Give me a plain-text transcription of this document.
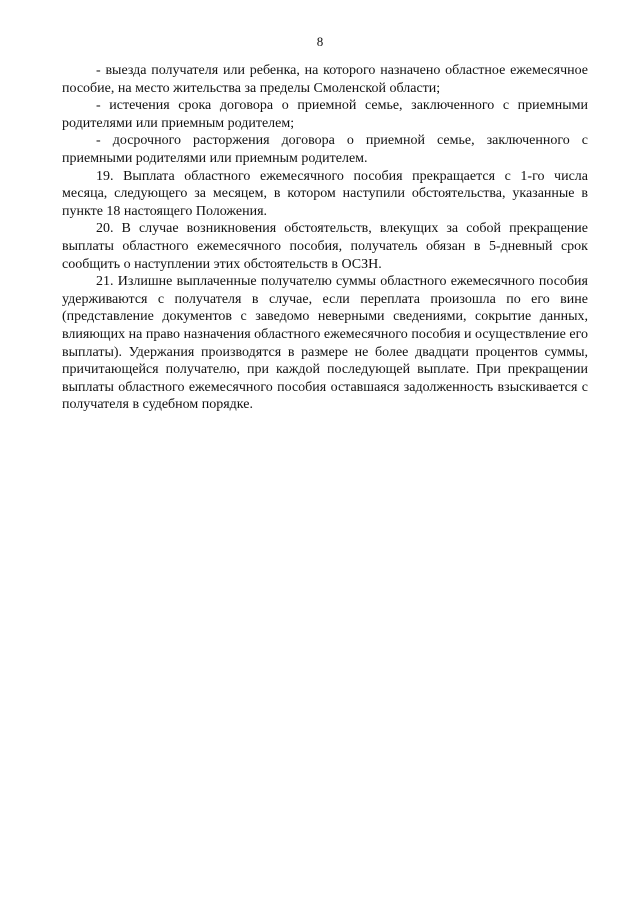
8

- выезда получателя или ребенка, на которого назначено областное ежемесячное пособие, на место жительства за пределы Смоленской области;

- истечения срока договора о приемной семье, заключенного с приемными родителями или приемным родителем;

- досрочного расторжения договора о приемной семье, заключенного с приемными родителями или приемным родителем.

19. Выплата областного ежемесячного пособия прекращается с 1-го числа месяца, следующего за месяцем, в котором наступили обстоятельства, указанные в пункте 18 настоящего Положения.

20. В случае возникновения обстоятельств, влекущих за собой прекращение выплаты областного ежемесячного пособия, получатель обязан в 5-дневный срок сообщить о наступлении этих обстоятельств в ОСЗН.

21. Излишне выплаченные получателю суммы областного ежемесячного пособия удерживаются с получателя в случае, если переплата произошла по его вине (представление документов с заведомо неверными сведениями, сокрытие данных, влияющих на право назначения областного ежемесячного пособия и осуществление его выплаты). Удержания производятся в размере не более двадцати процентов суммы, причитающейся получателю, при каждой последующей выплате. При прекращении выплаты областного ежемесячного пособия оставшаяся задолженность взыскивается с получателя в судебном порядке.
